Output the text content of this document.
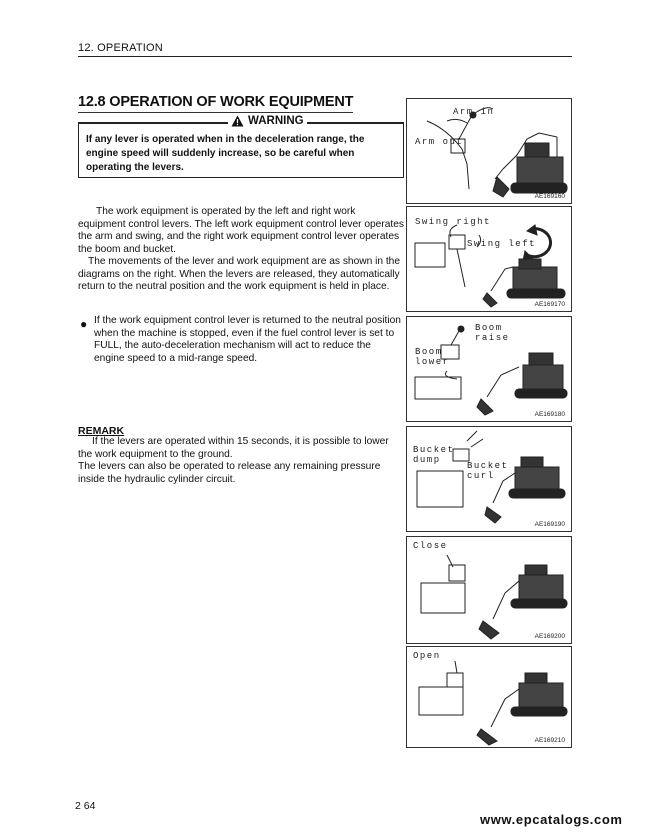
12. OPERATION
12.8 OPERATION OF WORK EQUIPMENT
WARNING
If any lever is operated when in the deceleration range, the engine speed will suddenly increase, so be careful when operating the levers.
The work equipment is operated by the left and right work equipment control levers. The left work equipment control lever operates the arm and swing, and the right work equipment control lever operates the boom and bucket.
The movements of the lever and work equipment are as shown in the diagrams on the right. When the levers are released, they automatically return to the neutral position and the work equipment is held in place.
● If the work equipment control lever is returned to the neutral position when the machine is stopped, even if the fuel control lever is set to FULL, the auto-deceleration mechanism will act to reduce the engine speed to a mid-range speed.
REMARK
If the levers are operated within 15 seconds, it is possible to lower the work equipment to the ground.
The levers can also be operated to release any remaining pressure inside the hydraulic cylinder circuit.
Arm in
Arm out
AE169160
Swing right
Swing left
AE169170
Boom raise
Boom lower
AE169180
Bucket dump
Bucket curl
AE169190
Close
AE169200
Open
AE169210
2 64
www.epcatalogs.com
